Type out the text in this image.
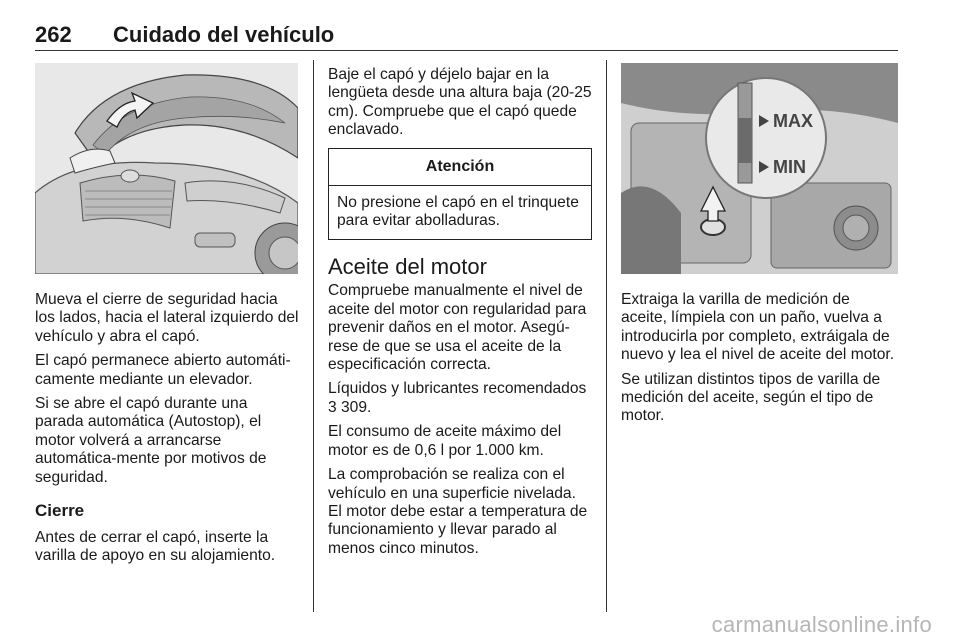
262 Cuidado del vehículo

Mueva el cierre de seguridad hacia los lados, hacia el lateral izquierdo del vehículo y abra el capó.

El capó permanece abierto automáti-camente mediante un elevador.

Si se abre el capó durante una parada automática (Autostop), el motor volverá a arrancarse automática-mente por motivos de seguridad.

Cierre

Antes de cerrar el capó, inserte la varilla de apoyo en su alojamiento.

Baje el capó y déjelo bajar en la lengüeta desde una altura baja (20-25 cm). Compruebe que el capó quede enclavado.

Atención
No presione el capó en el trinquete para evitar abolladuras.
Aceite del motor

Compruebe manualmente el nivel de aceite del motor con regularidad para prevenir daños en el motor. Asegú-rese de que se usa el aceite de la especificación correcta.

Líquidos y lubricantes recomendados

3 309.

El consumo de aceite máximo del motor es de 0,6 l por 1.000 km.

La comprobación se realiza con el vehículo en una superficie nivelada. El motor debe estar a temperatura de funcionamiento y llevar parado al menos cinco minutos.

MAX
MIN

Extraiga la varilla de medición de aceite, límpiela con un paño, vuelva a introducirla por completo, extráigala de nuevo y lea el nivel de aceite del motor.

Se utilizan distintos tipos de varilla de medición del aceite, según el tipo de motor.

carmanualsonline.info
